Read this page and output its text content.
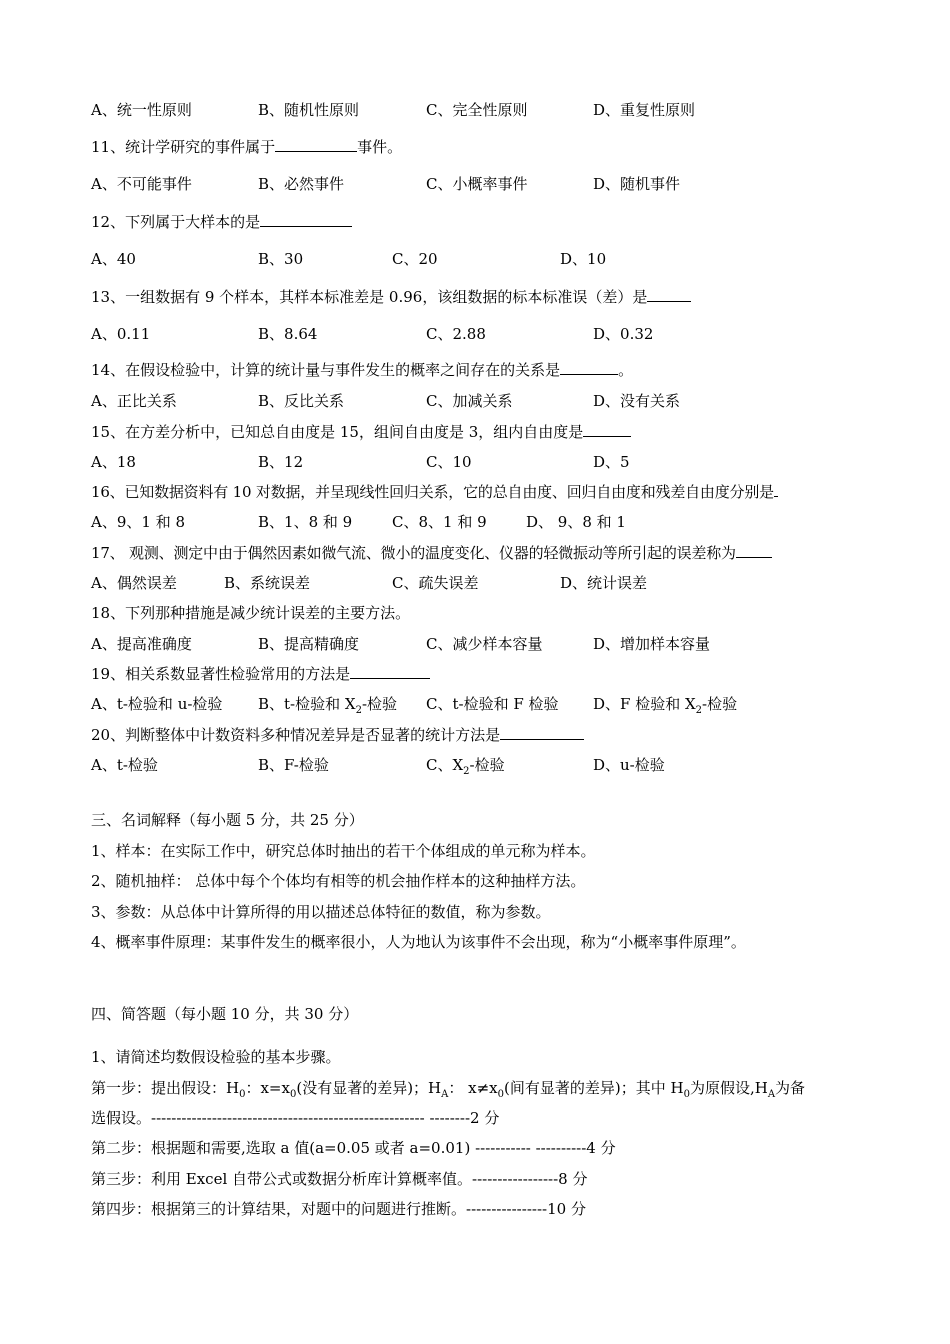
A、统一性原则	B、随机性原则	C、完全性原则	D、重复性原则
11、统计学研究的事件属于	事件。
A、不可能事件	B、必然事件	C、小概率事件	D、随机事件
12、下列属于大样本的是
A、40	B、30	C、20	D、10
13、一组数据有 9 个样本，其样本标准差是 0.96，该组数据的标本标准误（差）是
A、0.11	B、8.64	C、2.88	D、0.32
14、在假设检验中，计算的统计量与事件发生的概率之间存在的关系是	。
A、正比关系	B、反比关系	C、加减关系	D、没有关系
15、在方差分析中，已知总自由度是 15，组间自由度是 3，组内自由度是
A、18	B、12	C、10	D、5
16、已知数据资料有 10 对数据，并呈现线性回归关系，它的总自由度、回归自由度和残差自由度分别是
A、9、1 和 8	B、1、8 和 9	C、8、1 和 9	D、 9、8 和 1
17、 观测、测定中由于偶然因素如微气流、微小的温度变化、仪器的轻微振动等所引起的误差称为
A、偶然误差	B、系统误差	C、疏失误差	D、统计误差
18、下列那种措施是减少统计误差的主要方法。
A、提高准确度	B、提高精确度	C、减少样本容量	D、增加样本容量
19、相关系数显著性检验常用的方法是
A、t-检验和 u-检验 B、t-检验和 $X_2-$检验 C、t-检验和 F 检验 D、F 检验和 $X_2-$检验
20、判断整体中计数资料多种情况差异是否显著的统计方法是
A、t-检验	B、F-检验	C、$X_2-$检验	D、u-检验
三、名词解释（每小题 5 分，共 25 分）
1、样本：在实际工作中，研究总体时抽出的若干个体组成的单元称为样本。
2、随机抽样： 总体中每个个体均有相等的机会抽作样本的这种抽样方法。
3、参数：从总体中计算所得的用以描述总体特征的数值，称为参数。
4、概率事件原理：某事件发生的概率很小，人为地认为该事件不会出现，称为“小概率事件原理”。
四、简答题（每小题 10 分，共 30 分）
1、请简述均数假设检验的基本步骤。
第一步：提出假设：$H_0$：$x=x_0$(没有显著的差异)；$H_A$： $x\ne x_0$(间有显著的差异)；其中 $H_0$为原假设$,H_A$为备
选假设。------------------------------------------------------ --------2 分
第二步：根据题和需要,选取 a 值(a=0.05 或者 a=0.01) ----------- ----------4 分
第三步：利用 Excel 自带公式或数据分析库计算概率值。-----------------8 分
第四步：根据第三的计算结果，对题中的问题进行推断。----------------10 分
